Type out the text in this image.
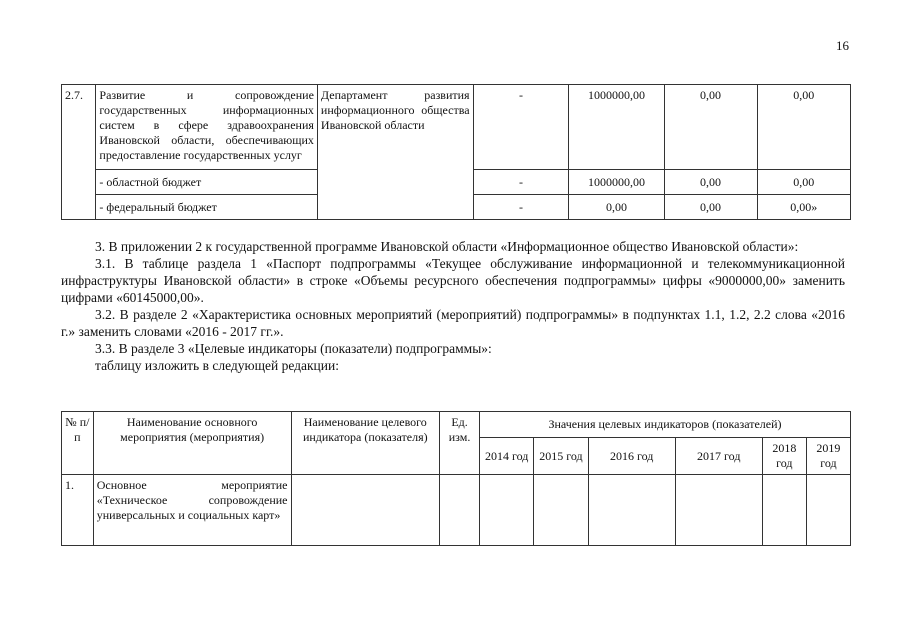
16
2.7.	Развитие и сопровождение государственных информационных систем в сфере здравоохранения Ивановской области, обеспечивающих предоставление государственных услуг	Департамент развития информационного общества Ивановской области	-	1000000,00	0,00	0,00
	- областной бюджет		-	1000000,00	0,00	0,00
	- федеральный бюджет		-	0,00	0,00	0,00»

3. В приложении 2 к государственной программе Ивановской области «Информационное общество Ивановской области»:

3.1. В таблице раздела 1 «Паспорт подпрограммы «Текущее обслуживание информационной и телекоммуникационной инфраструктуры Ивановской области» в строке «Объемы ресурсного обеспечения подпрограммы» цифры «9000000,00» заменить цифрами «60145000,00».

3.2. В разделе 2 «Характеристика основных мероприятий (мероприятий) подпрограммы» в подпунктах 1.1, 1.2, 2.2 слова «2016 г.» заменить словами «2016 - 2017 гг.».

3.3. В разделе 3 «Целевые индикаторы (показатели) подпрограммы»:

таблицу изложить в следующей редакции:

№ п/п	Наименование основного мероприятия (мероприятия)	Наименование целевого индикатора (показателя)	Ед. изм.	Значения целевых индикаторов (показателей)					
				2014 год	2015 год	2016 год	2017 год	2018 год	2019 год
1.	Основное мероприятие «Техническое сопровождение универсальных и социальных карт»								
